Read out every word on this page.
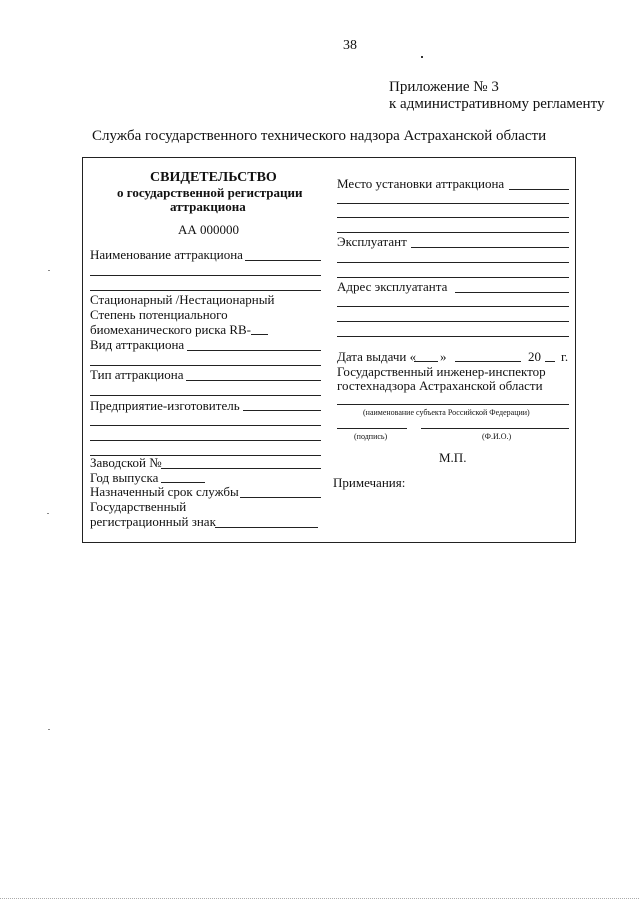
38
Приложение № 3
к административному регламенту
Служба государственного технического надзора Астраханской области
СВИДЕТЕЛЬСТВО
о государственной регистрации
аттракциона
АА 000000
Наименование аттракциона
Стационарный /Нестационарный
Степень потенциального
биомеханического риска RB-
Вид аттракциона
Тип аттракциона
Предприятие-изготовитель
Заводской №
Год выпуска
Назначенный срок службы
Государственный
регистрационный знак
Место установки аттракциона
Эксплуатант
Адрес эксплуатанта
Дата выдачи « »	20 г.
Государственный инженер-инспектор
гостехнадзора Астраханской области
(наименование субъекта Российской Федерации)
(подпись)	(Ф.И.О.)
М.П.
Примечания:
